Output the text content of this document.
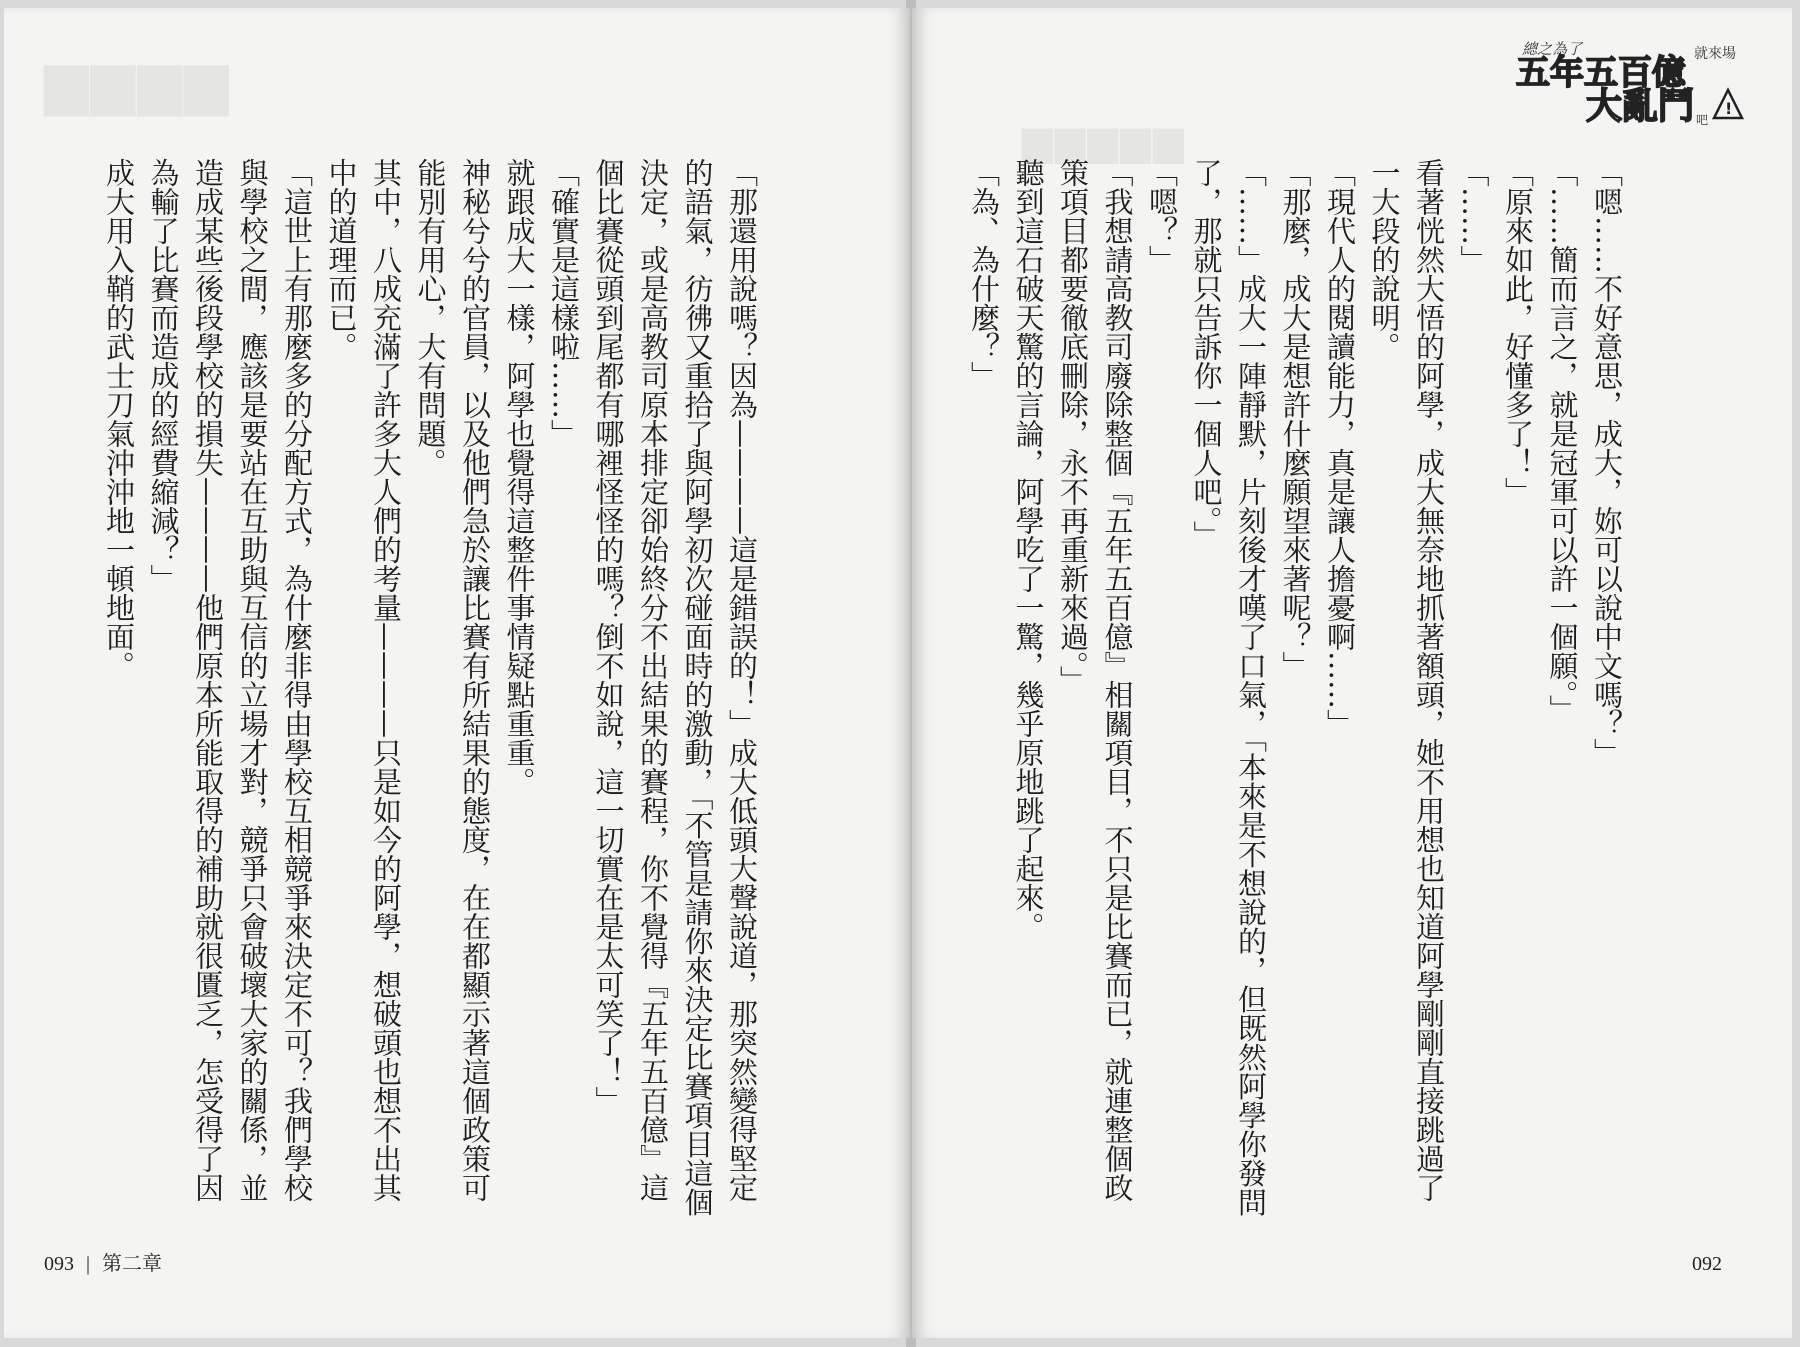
▆▆▆▆

「那還用說嗎？因為————這是錯誤的！」成大低頭大聲說道，那突然變得堅定的語氣，彷彿又重拾了與阿學初次碰面時的激動，「不管是請你來決定比賽項目這個決定，或是高教司原本排定卻始終分不出結果的賽程，你不覺得『五年五百億』這個比賽從頭到尾都有哪裡怪怪的嗎？倒不如說，這一切實在是太可笑了！」

「確實是這樣啦……」

就跟成大一樣，阿學也覺得這整件事情疑點重重。

神秘兮兮的官員，以及他們急於讓比賽有所結果的態度，在在都顯示著這個政策可能別有用心，大有問題。

其中，八成充滿了許多大人們的考量————只是如今的阿學，想破頭也想不出其中的道理而已。

「這世上有那麼多的分配方式，為什麼非得由學校互相競爭來決定不可？我們學校與學校之間，應該是要站在互助與互信的立場才對，競爭只會破壞大家的關係，並造成某些後段學校的損失————他們原本所能取得的補助就很匱乏，怎受得了因為輸了比賽而造成的經費縮減？」

成大用入鞘的武士刀氣沖沖地一頓地面。

093 | 第二章
總之為了
五年五百億 就來場
大亂鬥 吧
!
▆▆▆▆▆

「嗯……不好意思，成大，妳可以說中文嗎？」

「……簡而言之，就是冠軍可以許一個願。」

「原來如此，好懂多了！」

「……」

看著恍然大悟的阿學，成大無奈地抓著額頭，她不用想也知道阿學剛剛直接跳過了一大段的說明。

「現代人的閱讀能力，真是讓人擔憂啊……」

「那麼，成大是想許什麼願望來著呢？」

「……」成大一陣靜默，片刻後才嘆了口氣，「本來是不想說的，但既然阿學你發問了，那就只告訴你一個人吧。」

「嗯？」

「我想請高教司廢除整個『五年五百億』相關項目，不只是比賽而已，就連整個政策項目都要徹底刪除，永不再重新來過。」

聽到這石破天驚的言論，阿學吃了一驚，幾乎原地跳了起來。

「為、為什麼？」

092
